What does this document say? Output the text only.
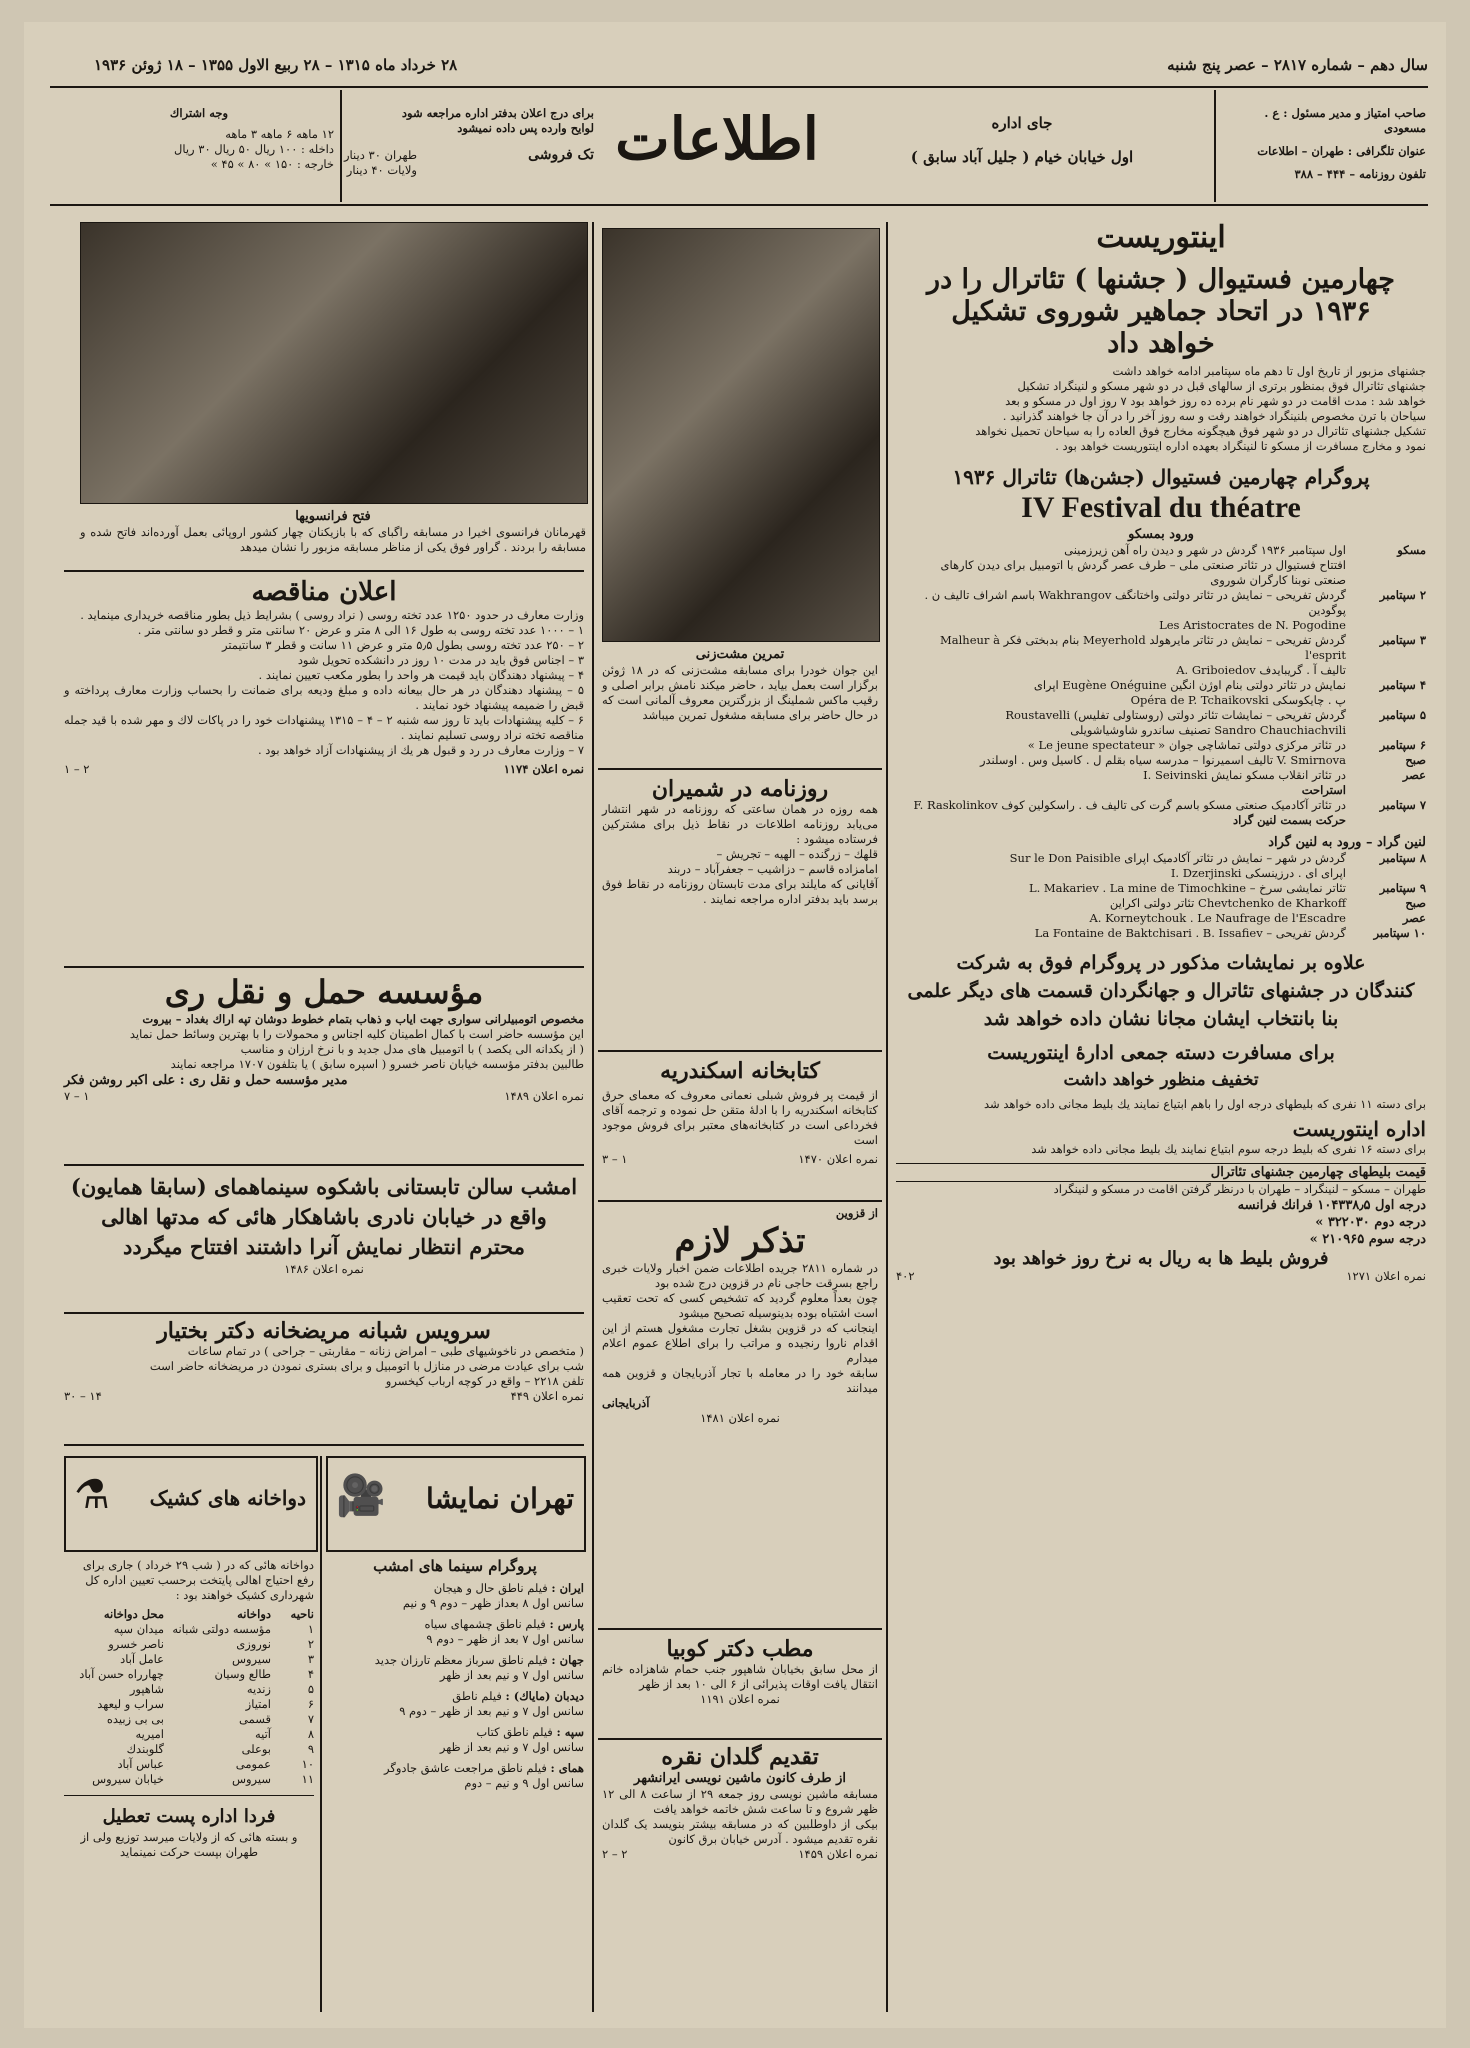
سال دهم – شماره ۲۸۱۷ – عصر پنج شنبه
۲۸ خرداد ماه ۱۳۱۵ – ۲۸ ربیع الاول ۱۳۵۵ – ۱۸ ژوئن ۱۹۳۶
صاحب امتیاز و مدیر مسئول : ع . مسعودی
عنوان تلگرافی : طهران – اطلاعات
تلفون روزنامه – ۴۴۴ – ۳۸۸
جای اداره
اول خیابان خیام ( جلیل آباد سابق )
اطلاعات
برای درج اعلان بدفتر اداره مراجعه شود
لوایح وارده پس داده نمیشود
تک فروشی
طهران ۳۰ دینار
ولایات ۴۰ دینار
وجه اشتراك
۱۲ ماهه ۶ ماهه ۳ ماهه
داخله : ۱۰۰ ریال ۵۰ ریال ۳۰ ریال
خارجه : ۱۵۰ » ۸۰ » ۴۵ »
فتح فرانسویها
قهرمانان فرانسوی اخیرا در مسابقه راگبای که با بازیکنان چهار کشور اروپائی بعمل آورده‌اند فاتح شده و مسابقه را بردند . گراور فوق یکی از مناظر مسابقه مزبور را نشان میدهد
اعلان مناقصه

وزارت معارف در حدود ۱۲۵۰ عدد تخته روسی ( نراد روسی ) بشرایط ذیل بطور مناقصه خریداری مینماید .

۱ – ۱۰۰۰ عدد تخته روسی به طول ۱۶ الی ۸ متر و عرض ۲۰ سانتی متر و قطر دو سانتی متر .

۲ – ۲۵۰ عدد تخته روسی بطول ۵٫۵ متر و عرض ۱۱ سانت و قطر ۳ سانتیمتر

۳ – اجناس فوق باید در مدت ۱۰ روز در دانشکده تحویل شود

۴ – پیشنهاد دهندگان باید قیمت هر واحد را بطور مکعب تعیین نمایند .

۵ – پیشنهاد دهندگان در هر حال بیعانه داده و مبلغ ودیعه برای ضمانت را بحساب وزارت معارف پرداخته و قبض را ضمیمه پیشنهاد خود نمایند .

۶ – کلیه پیشنهادات باید تا روز سه شنبه ۲ – ۴ – ۱۳۱۵ پیشنهادات خود را در پاکات لاك و مهر شده با قید جمله مناقصه تخته نراد روسی تسلیم نمایند .

۷ – وزارت معارف در رد و قبول هر یك از پیشنهادات آزاد خواهد بود .

نمره اعلان ۱۱۷۴
۲ – ۱
مؤسسه حمل و نقل ری
مخصوص اتومبیلرانی سواری جهت ایاب و ذهاب بتمام خطوط دوشان تپه اراك بغداد – بیروت

این مؤسسه حاضر است با کمال اطمینان کلیه اجناس و محمولات را با بهترین وسائط حمل نماید

( از یکدانه الی یکصد ) با اتومبیل های مدل جدید و با نرخ ارزان و مناسب

طالبین بدفتر مؤسسه خیابان ناصر خسرو ( اسپره سابق ) یا بتلفون ۱۷۰۷ مراجعه نمایند

مدیر مؤسسه حمل و نقل ری : علی اکبر روشن فکر
نمره اعلان ۱۴۸۹
۱ – ۷
امشب سالن تابستانی باشکوه سینماهمای (سابقا همایون)
واقع در خیابان نادری باشاهکار هائی که مدتها اهالی
محترم انتظار نمایش آنرا داشتند افتتاح میگردد
نمره اعلان ۱۴۸۶
سرویس شبانه مریضخانه دکتر بختیار

( متخصص در ناخوشیهای طبی – امراض زنانه – مقاربتی – جراحی ) در تمام ساعات

شب برای عیادت مرضی در منازل با اتومبیل و برای بستری نمودن در مریضخانه حاضر است

تلفن ۲۲۱۸ – واقع در کوچه ارباب کیخسرو

نمره اعلان ۴۴۹
۱۴ – ۳۰
🎥 تهران نمایشا
⚗ دواخانه های کشیک
پروگرام سینما های امشب
ایران : فیلم ناطق حال و هیجان
سانس اول ۸ بعداز ظهر – دوم ۹ و نیم
پارس : فیلم ناطق چشمهای سیاه
سانس اول ۷ بعد از ظهر – دوم ۹
جهان : فیلم ناطق سرباز معظم تارزان جدید
سانس اول ۷ و نیم بعد از ظهر
دیدبان (مایاك) : فیلم ناطق
سانس اول ۷ و نیم بعد از ظهر – دوم ۹
سپه : فیلم ناطق کتاب
سانس اول ۷ و نیم بعد از ظهر
همای : فیلم ناطق مراجعت عاشق جادوگر
سانس اول ۹ و نیم – دوم
دواخانه هائی که در ( شب ۲۹ خرداد ) جاری برای رفع احتیاج اهالی پایتخت برحسب تعیین اداره کل شهرداری کشیک خواهند بود :
ناحیه
دواخانه
محل دواخانه
۱
مؤسسه دولتی شبانه
میدان سپه
۲
نوروزی
ناصر خسرو
۳
سیروس
عامل آباد
۴
طالع وسیان
چهارراه حسن آباد
۵
زندیه
شاهپور
۶
امتیاز
سراب و لیعهد
۷
قسمی
بی بی زبیده
۸
آتیه
امیریه
۹
بوعلی
گلوبندك
۱۰
عمومی
عباس آباد
۱۱
سیروس
خیابان سیروس
فردا اداره پست تعطیل
و بسته هائی که از ولایات میرسد توزیع ولی از طهران بپست حرکت نمینماید
تمرین مشت‌زنی
این جوان خودرا برای مسابقه مشت‌زنی که در ۱۸ ژوئن برگزار است بعمل بیاید ، حاضر میکند نامش برابر اصلی و رقیب ماکس شملینگ از بزرگترین معروف آلمانی است که در حال حاضر برای مسابقه مشغول تمرین میباشد
روزنامه در شمیران

همه روزه در همان ساعتی که روزنامه در شهر انتشار می‌یابد روزنامه اطلاعات در نقاط ذیل برای مشترکین فرستاده میشود :

قلهك – زرگنده – الهیه – تجریش –

امامزاده قاسم – دزاشیب – جعفرآباد – دربند

آقایانی که مایلند برای مدت تابستان روزنامه در نقاط فوق برسد باید بدفتر اداره مراجعه نمایند .

کتابخانه اسکندریه
از قیمت پر فروش شبلی نعمانی معروف که معمای حرق کتابخانه اسکندریه را با ادلهٔ متقن حل نموده و ترجمه آقای فخرداعی است در کتابخانه‌های معتبر برای فروش موجود است
نمره اعلان ۱۴۷۰
۱ – ۳
از قزوین
تذکر لازم

در شماره ۲۸۱۱ جریده اطلاعات ضمن اخبار ولایات خبری راجع بسرقت حاجی نام در قزوین درج شده بود

چون بعداً معلوم گردید که تشخیص کسی که تحت تعقیب است اشتباه بوده بدینوسیله تصحیح میشود

اینجانب که در قزوین بشغل تجارت مشغول هستم از این اقدام ناروا رنجیده و مراتب را برای اطلاع عموم اعلام میدارم

سابقه خود را در معامله با تجار آذربایجان و قزوین همه میدانند

آذربایجانی
نمره اعلان ۱۴۸۱
مطب دکتر کوبیا
از محل سابق بخیابان شاهپور جنب حمام شاهزاده خانم انتقال یافت اوقات پذیرائی از ۶ الی ۱۰ بعد از ظهر
نمره اعلان ۱۱۹۱
تقدیم گلدان نقره
از طرف کانون ماشین نویسی ایرانشهر

مسابقه ماشین نویسی روز جمعه ۲۹ از ساعت ۸ الی ۱۲ ظهر شروع و تا ساعت شش خاتمه خواهد یافت

بیکی از داوطلبین که در مسابقه بیشتر بنویسد یک گلدان نقره تقدیم میشود . آدرس خیابان برق کانون

نمره اعلان ۱۴۵۹
۲ – ۲
اینتوریست
چهارمین فستیوال ( جشنها ) تئاترال را در
۱۹۳۶ در اتحاد جماهیر شوروی تشکیل
خواهد داد

جشنهای مزبور از تاریخ اول تا دهم ماه سپتامبر ادامه خواهد داشت

جشنهای تئاترال فوق بمنظور برتری از سالهای قبل در دو شهر مسکو و لنینگراد تشکیل

خواهد شد : مدت اقامت در دو شهر نام برده ده روز خواهد بود ۷ روز اول در مسکو و بعد

سیاحان با ترن مخصوص بلنینگراد خواهند رفت و سه روز آخر را در آن جا خواهند گذرانید .

تشکیل جشنهای تئاترال در دو شهر فوق هیچگونه مخارج فوق العاده را به سیاحان تحمیل نخواهد

نمود و مخارج مسافرت از مسکو تا لنینگراد بعهده اداره اینتوریست خواهد بود .

پروگرام چهارمین فستیوال (جشن‌ها) تئاترال ۱۹۳۶
IV Festival du théatre
ورود بمسکو
مسکو
اول سپتامبر ۱۹۳۶ گردش در شهر و دیدن راه آهن زیرزمینی
افتتاح فستیوال در تئاتر صنعتی ملی – طرف عصر گردش با اتومبیل برای دیدن کارهای
صنعتی نوبنا کارگران شوروی
۲ سپتامبر
گردش تفریحی – نمایش در تئاتر دولتی واختانگف Wakhrangov باسم اشراف تالیف ن . پوگودین
Les Aristocrates de N. Pogodine
۳ سپتامبر
گردش تفریحی – نمایش در تئاتر مایرهولد Meyerhold بنام بدبختی فکر Malheur à l'esprit
تالیف آ . گریبایدف A. Griboiedov
۴ سپتامبر
نمایش در تئاتر دولتی بنام اوژن انگین Eugène Onéguine اپرای
پ . چایکوسکی Opéra de P. Tchaikovski
۵ سپتامبر
گردش تفریحی – نمایشات تئاتر دولتی (روستاولی تفلیس) Roustavelli
Sandro Chauchiachvili تصنیف ساندرو شاوشیاشویلی
۶ سپتامبر
در تئاتر مرکزی دولتی تماشاچی جوان « Le jeune spectateur »
صبح
V. Smirnova تالیف اسمیرنوا – مدرسه سیاه بقلم ل . کاسیل وس . اوسلندر
عصر
در تئاتر انقلاب مسکو نمایش I. Seivinski
استراحت
۷ سپتامبر
در تئاتر آکادمیک صنعتی مسکو باسم گرت کی تالیف ف . راسکولین کوف F. Raskolinkov
حرکت بسمت لنین گراد
لنین گراد – ورود به لنین گراد
۸ سپتامبر
گردش در شهر – نمایش در تئاتر آکادمیک اپرای Sur le Don Paisible
اپرای ای . درزینسکی I. Dzerjinski
۹ سپتامبر
تئاتر نمایشی سرخ – L. Makariev . La mine de Timochkine
صبح
Chevtchenko de Kharkoff تئاتر دولتی اکراین
عصر
A. Korneytchouk . Le Naufrage de l'Escadre
۱۰ سپتامبر
گردش تفریحی – La Fontaine de Baktchisari . B. Issafiev
علاوه بر نمایشات مذکور در پروگرام فوق به شرکت
کنندگان در جشنهای تئاترال و جهانگردان قسمت های دیگر علمی
بنا بانتخاب ایشان مجانا نشان داده خواهد شد
برای مسافرت دسته جمعی ادارهٔ اینتوریست
تخفیف منظور خواهد داشت
برای دسته ۱۱ نفری که بلیطهای درجه اول را باهم ابتیاع نمایند یك بلیط مجانی داده خواهد شد
اداره اینتوریست
برای دسته ۱۶ نفری که بلیط درجه سوم ابتیاع نمایند یك بلیط مجانی داده خواهد شد
قیمت بلیطهای چهارمین جشنهای تئاترال
طهران – مسکو – لنینگراد – طهران با درنظر گرفتن اقامت در مسکو و لنینگراد
درجه اول ۱۰۴۳۳۸٫۵ فرانك فرانسه
درجه دوم ۳۲۲۰۳۰ »
درجه سوم ۲۱۰۹۶۵ »
فروش بلیط ها به ریال به نرخ روز خواهد بود
نمره اعلان ۱۲۷۱
۴۰۲
